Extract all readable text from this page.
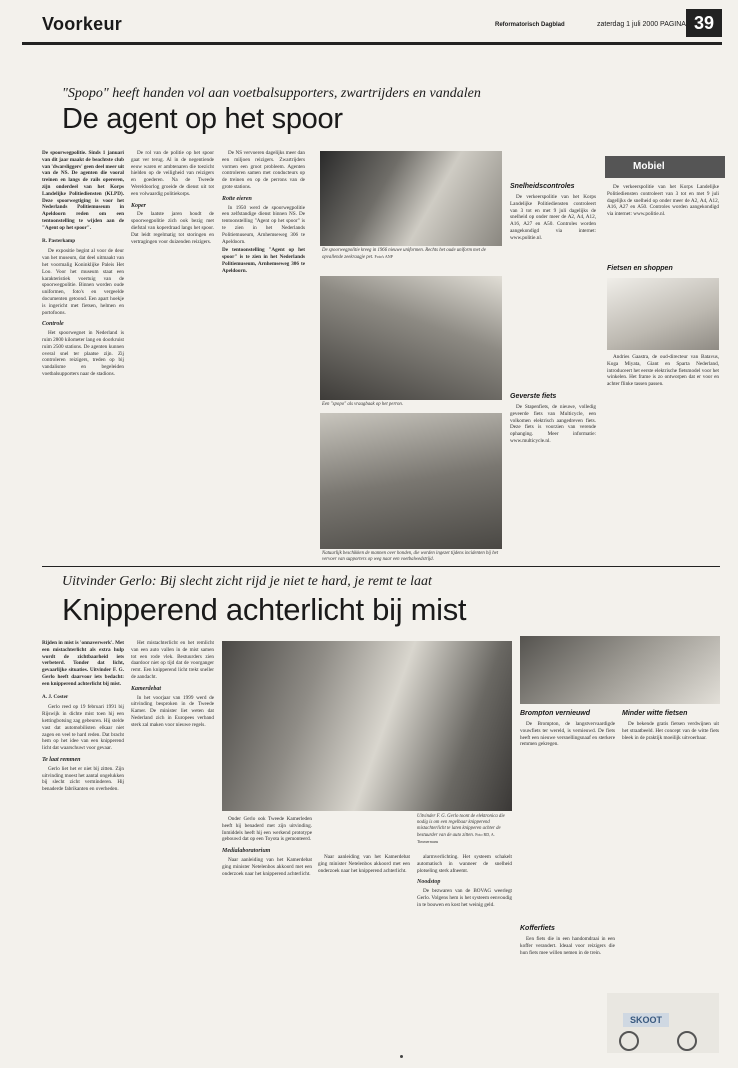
Voorkeur	Reformatorisch Dagblad	zaterdag 1 juli 2000 PAGINA 39
"Spopo" heeft handen vol aan voetbalsupporters, zwartrijders en vandalen
De agent op het spoor

De spoorwegpolitie. Sinds 1 januari van dit jaar maakt de beachtste club van 'dwarsliggers' geen deel meer uit van de NS. De agenten die vooral treinen en langs de rails opereren, zijn onderdeel van het Korps Landelijke Politiediensten (KLPD). Deze spoorwegtiging is voor het Nederlands Politiemuseum in Apeldoorn reden om een tentoonstelling te wijden aan de "Agent op het spoor".

R. Pasterkamp

De expositie begint al voor de deur van het museum, dat deel uitmaakt van het voormalig Koninklijke Paleis Het Loo. Voor het museum staat een karakteristiek voertuig van de spoorwegpolitie. Binnen worden oude uniformen, foto's en vergeelde documenten getoond. Een apart hoekje is ingericht met fietsen, helmen en portofoons.

Controle

Het spoorwegnet in Nederland is ruim 2800 kilometer lang en doorkruist ruim 2500 stations. De agenten kunnen overal snel ter plaatse zijn. Zij controleren reizigers, treden op bij vandalisme en begeleiden voetbalsupporters naar de stadions.

De rol van de politie op het spoor gaat ver terug. Al in de negentiende eeuw waren er ambtenaren die toezicht hielden op de veiligheid van reizigers en goederen. Na de Tweede Wereldoorlog groeide de dienst uit tot een volwaardig politiekorps.

Koper

De laatste jaren houdt de spoorwegpolitie zich ook bezig met diefstal van koperdraad langs het spoor. Dat leidt regelmatig tot storingen en vertragingen voor duizenden reizigers.

De NS vervoeren dagelijks meer dan een miljoen reizigers. Zwartrijders vormen een groot probleem. Agenten controleren samen met conducteurs op de treinen en op de perrons van de grote stations.

Rotte eieren

In 1950 werd de spoorwegpolitie een zelfstandige dienst binnen NS. De tentoonstelling "Agent op het spoor" is te zien in het Nederlands Politiemuseum, Arnhemseweg 306 te Apeldoorn.

De tentoonstelling "Agent op het spoor" is te zien in het Nederlands Politiemuseum, Arnhemseweg 306 te Apeldoorn.

De spoorwegpolitie kreeg in 1966 nieuwe uniformen. Rechts het oude uniform met de opvallende zeekraagje pet. Foto's ANP
Een "spopo" als vraagbaak op het perron.
Natuurlijk beschikken de mannen over honden, die worden ingezet tijdens incidenten bij het vervoer van supporters op weg naar een voetbalwedstrijd.
Mobiel
Snelheidscontroles

De verkeerspolitie van het Korps Landelijke Politiediensten controleert van 3 tot en met 9 juli dagelijks de snelheid op onder meer de A2, A4, A12, A16, A27 en A50. Controles worden aangekondigd via internet: www.politie.nl.

Geverste fiets

De Stapenfiets, de nieuwe, volledig geveerde fiets van Multicycle, een volkomen elektrisch aangedreven fiets. Deze fiets is voorzien van verende ophanging. Meer informatie: www.multicycle.nl.

Fietsen en shoppen

De verkeerspolitie van het Korps Landelijke Politiediensten controleert van 3 tot en met 9 juli dagelijks de snelheid op onder meer de A2, A4, A12, A16, A27 en A50. Controles worden aangekondigd via internet: www.politie.nl.

Andries Gaastra, de oud-directeur van Batavus, Koga Miyata, Giant en Sparta Nederland, introduceert het eerste elektrische fietsmodel voor het winkelen. Het frame is zo ontworpen dat er voor en achter flinke tassen passen.

Uitvinder Gerlo: Bij slecht zicht rijd je niet te hard, je remt te laat
Knipperend achterlicht bij mist

Rijden in mist is 'onnaverwerk'. Met een mistachterlicht als extra hulp wordt de zichtbaarheid iets verbeterd. Tonder dat licht, gevaarlijke situaties. Uitvinder F. G. Gerlo heeft daarvoor iets bedacht: een knipperend achterlicht bij mist.

A. J. Coster

Gerlo reed op 19 februari 1991 bij Rijswijk in dichte mist toen hij een kettingbotsing zag gebeuren. Hij stelde vast dat automobilisten elkaar niet zagen en veel te hard reden. Dat bracht hem op het idee van een knipperend licht dat waarschuwt voor gevaar.

Te laat remmen

Gerlo liet het er niet bij zitten. Zijn uitvinding moest het aantal ongelukken bij slecht zicht verminderen. Hij benaderde fabrikanten en overheden.

Het mistachterlicht en het remlicht van een auto vallen in de mist samen tot een rode vlek. Bestuurders zien daardoor niet op tijd dat de voorganger remt. Een knipperend licht trekt sneller de aandacht.

Kamerdebat

In het voorjaar van 1999 werd de uitvinding besproken in de Tweede Kamer. De minister liet weten dat Nederland zich in Europees verband sterk zal maken voor nieuwe regels.

Uitvinder F. G. Gerlo toont de elektronica die nodig is om een regelbaar knipperend mistachterlicht te laten knipperen achter de bestuurder van de auto zitten. Foto RD, A. Timmermans

Onder Gerlo ook Tweede Kamerleden heeft hij benaderd met zijn uitvinding. Inmiddels heeft hij een werkend prototype gebouwd dat op een Toyota is gemonteerd.

Medialaboratorium

Naar aanleiding van het Kamerdebat ging minister Netelenbos akkoord met een onderzoek naar het knipperend achterlicht.

Naar aanleiding van het Kamerdebat ging minister Netelenbos akkoord met een onderzoek naar het knipperend achterlicht.

alarmverlichting. Het systeem schakelt automatisch in wanneer de snelheid plotseling sterk afneemt.

Noodstop

De bezwaren van de BOVAG weerlegt Gerlo. Volgens hem is het systeem eenvoudig in te bouwen en kost het weinig geld.

Brompton vernieuwd

De Brompton, de langstvervaardigde vouwfiets ter wereld, is vernieuwd. De fiets heeft een nieuwe versnellingsnaaf en sterkere remmen gekregen.

Kofferfiets

Een fiets die in een handomdraai in een koffer verandert. Ideaal voor reizigers die hun fiets mee willen nemen in de trein.

Minder witte fietsen

De bekende gratis fietsen verdwijnen uit het straatbeeld. Het concept van de witte fiets bleek in de praktijk moeilijk uitvoerbaar.

SKOOT
